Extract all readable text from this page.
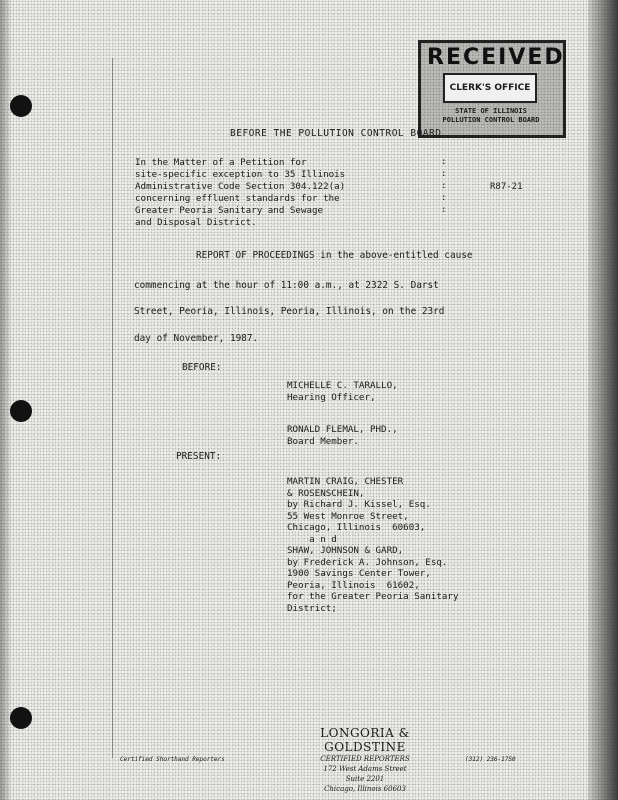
RECEIVED
CLERK'S OFFICE
STATE OF ILLINOIS
POLLUTION CONTROL BOARD
BEFORE THE POLLUTION CONTROL BOARD
In the Matter of a Petition for
site-specific exception to 35 Illinois
Administrative Code Section 304.122(a)
concerning effluent standards for the
Greater Peoria Sanitary and Sewage
and Disposal District.
:
:
:
:
:
R87-21
REPORT OF PROCEEDINGS in the above-entitled cause
commencing at the hour of 11:00 a.m., at 2322 S. Darst
Street, Peoria, Illinois, Peoria, Illinois, on the 23rd
day of November, 1987.
BEFORE:
MICHELLE C. TARALLO,
Hearing Officer,
RONALD FLEMAL, PHD.,
Board Member.
PRESENT:
MARTIN CRAIG, CHESTER
& ROSENSCHEIN,
by Richard J. Kissel, Esq.
55 West Monroe Street,
Chicago, Illinois  60603,
a n d
SHAW, JOHNSON & GARD,
by Frederick A. Johnson, Esq.
1900 Savings Center Tower,
Peoria, Illinois  61602,
for the Greater Peoria Sanitary
District;
LONGORIA & GOLDSTINE
CERTIFIED REPORTERS
172 West Adams Street
Suite 2201
Chicago, Illinois 60603
Certified Shorthand Reporters	(312) 236-1750
